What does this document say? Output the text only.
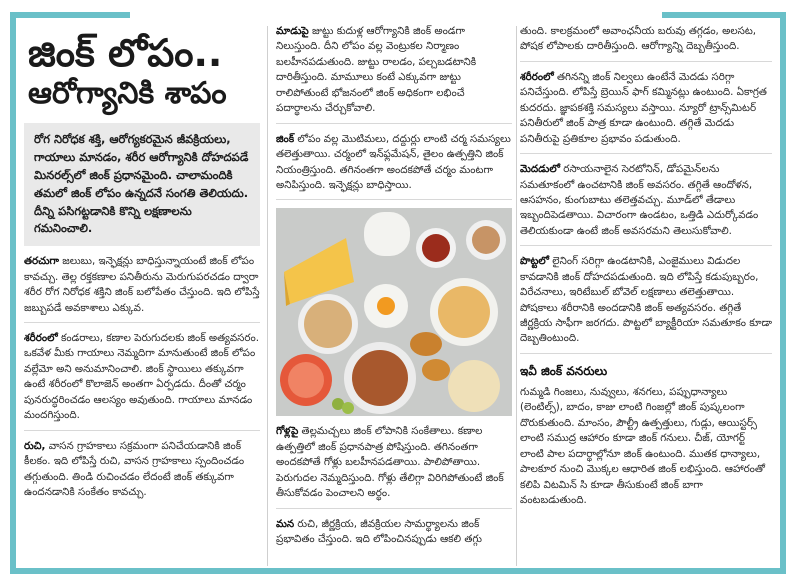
జింక్ లోపం..
ఆరోగ్యానికి శాపం
రోగ నిరోధక శక్తి, ఆరోగ్యకరమైన జీవక్రియలు, గాయాలు మానడం, శరీర ఆరోగ్యానికి దోహదపడే మినరల్స్‌లో జింక్ ప్రధానమైంది. చాలామందికి తమలో జింక్ లోపం ఉన్నదనే సంగతి తెలియదు. దీన్ని పసిగట్టడానికి కొన్ని లక్షణాలను గమనించాలి.
తరచుగా జలుబు, ఇన్ఫెక్షన్లు బాధిస్తున్నాయంటే జింక్ లోపం కావచ్చు. తెల్ల రక్తకణాల పనితీరును మెరుగుపరచడం ద్వారా శరీర రోగ నిరోధక శక్తిని జింక్ బలోపేతం చేస్తుంది. ఇది లోపిస్తే జబ్బుపడే అవకాశాలు ఎక్కువ.
శరీరంలో కండరాలు, కణాల పెరుగుదలకు జింక్ అత్యవసరం. ఒకవేళ మీకు గాయాలు నెమ్మదిగా మానుతుంటే జింక్ లోపం వల్లేమో అని అనుమానించాలి. జింక్ స్థాయిలు తక్కువగా ఉంటే శరీరంలో కొలాజెన్ అంతగా ఏర్పడదు. దీంతో చర్మం పునరుద్ధరించడం ఆలస్యం అవుతుంది. గాయాలు మానడం మందగిస్తుంది.
రుచి, వాసన గ్రాహకాలు సక్రమంగా పనిచేయడానికి జింక్ కీలకం. ఇది లోపిస్తే రుచి, వాసన గ్రాహకాలు స్పందించడం తగ్గుతుంది. తిండి రుచించడం లేదంటే జింక్ తక్కువగా ఉందనడానికి సంకేతం కావచ్చు.
మాడుపై జుట్టు కుదుళ్ల ఆరోగ్యానికి జింక్ అండగా నిలుస్తుంది. దీని లోపం వల్ల వెంట్రుకల నిర్మాణం బలహీనపడుతుంది. జుట్టు రాలడం, పల్చబడటానికి దారితీస్తుంది. మామూలు కంటే ఎక్కువగా జుట్టు రాలిపోతుంటే భోజనంలో జింక్ అధికంగా లభించే పదార్థాలను చేర్చుకోవాలి.
జింక్ లోపం వల్ల మొటిమలు, దద్దుర్లు లాంటి చర్మ సమస్యలు తలెత్తుతాయి. చర్మంలో ఇన్‌ఫ్లమేషన్, తైలం ఉత్పత్తిని జింక్ నియంత్రిస్తుంది. తగినంతగా అందకపోతే చర్మం మంటగా అనిపిస్తుంది. ఇన్ఫెక్షన్లు బాధిస్తాయి.
గోళ్లపై తెల్లమచ్చలు జింక్ లోపానికి సంకేతాలు. కణాల ఉత్పత్తిలో జింక్ ప్రధానపాత్ర పోషిస్తుంది. తగినంతగా అందకపోతే గోళ్లు బలహీనపడతాయి. పాలిపోతాయి. పెరుగుదల నెమ్మదిస్తుంది. గోళ్లు తేలిగ్గా విరిగిపోతుంటే జింక్ తీసుకోవడం పెంచాలని అర్థం.
మన రుచి, జీర్ణక్రియ, జీవక్రియల సామర్థ్యాలను జింక్ ప్రభావితం చేస్తుంది. ఇది లోపించినప్పుడు ఆకలి తగ్గు
తుంది. కాలక్రమంలో అవాంఛనీయ బరువు తగ్గడం, అలసట, పోషక లోపాలకు దారితీస్తుంది. ఆరోగ్యాన్ని దెబ్బతీస్తుంది.
శరీరంలో తగినన్ని జింక్ నిల్వలు ఉంటేనే మెదడు సరిగ్గా పనిచేస్తుంది. లోపిస్తే బ్రెయిన్ ఫాగ్ కమ్మినట్లు ఉంటుంది. ఏకాగ్రత కుదరదు. జ్ఞాపకశక్తి సమస్యలు వస్తాయి. న్యూరో ట్రాన్స్‌మిటర్ పనితీరులో జింక్ పాత్ర కూడా ఉంటుంది. తగ్గితే మెదడు పనితీరుపై ప్రతికూల ప్రభావం పడుతుంది.
మెదడులో రసాయనాలైన సెరటోనిన్, డోపమైన్‌లను సమతూకంలో ఉంచటానికి జింక్ అవసరం. తగ్గితే ఆందోళన, ఆసహనం, కుంగుబాటు తలెత్తవచ్చు. మూడ్‌లో తేడాలు ఇబ్బందిపెడతాయి. విచారంగా ఉండటం, ఒత్తిడి ఎదుర్కోవడం తెలియకుండా ఉంటే జింక్ అవసరమని తెలుసుకోవాలి.
పొట్టలో లైనింగ్ సరిగ్గా ఉండటానికి, ఎంజైములు విడుదల కావడానికి జింక్ దోహదపడుతుంది. ఇది లోపిస్తే కడుపుబ్బరం, విరేచనాలు, ఇరిటేబుల్ బోవెల్ లక్షణాలు తలెత్తుతాయి. పోషకాలు శరీరానికి అందడానికి జింక్ అత్యవసరం. తగ్గితే జీర్ణక్రియ సాఫీగా జరగదు. పొట్టలో బ్యాక్టీరియా సమతూకం కూడా దెబ్బతింటుంది.
ఇవీ జింక్ వనరులు
గుమ్మడి గింజలు, నువ్వులు, శనగలు, పప్పుధాన్యాలు (లెంటిల్స్), బాదం, కాజు లాంటి గింజల్లో జింక్ పుష్కలంగా దొరుకుతుంది. మాంసం, పౌల్ట్రీ ఉత్పత్తులు, గుడ్లు, ఆయిస్టర్స్ లాంటి సముద్ర ఆహారం కూడా జింక్ గనులు. చీజ్, యోగర్ట్ లాంటి పాల పదార్థాల్లోనూ జింక్ ఉంటుంది. ముతక ధాన్యాలు, పాలకూర నుంచి మొక్కల ఆధారిత జింక్ లభిస్తుంది. ఆహారంతో కలిపి విటమిన్ సి కూడా తీసుకుంటే జింక్ బాగా వంటబడుతుంది.
